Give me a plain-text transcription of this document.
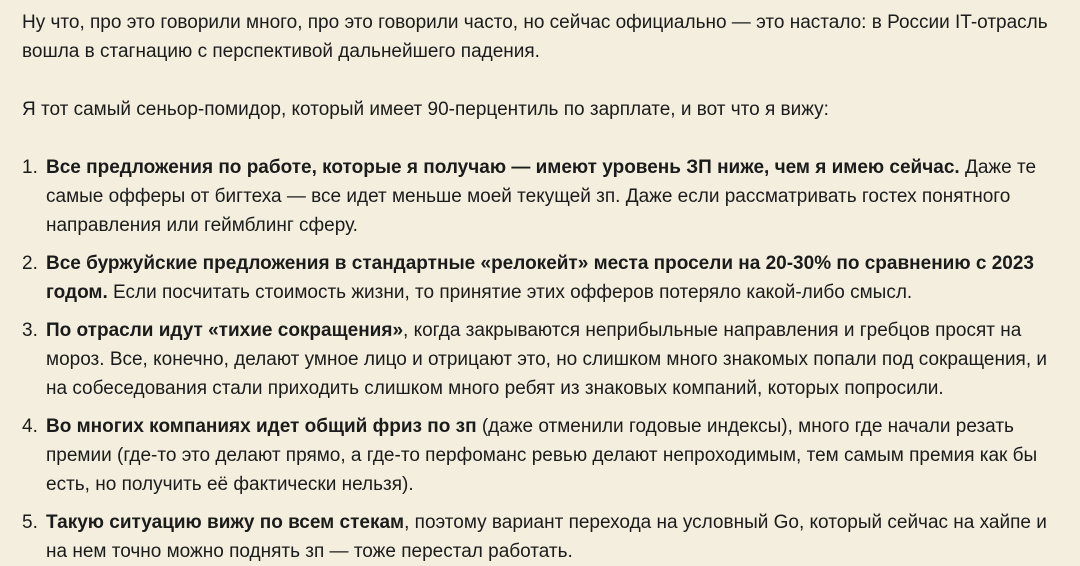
Ну что, про это говорили много, про это говорили часто, но сейчас официально — это настало: в России IT-отрасль вошла в стагнацию с перспективой дальнейшего падения.

Я тот самый сеньор-помидор, который имеет 90-перцентиль по зарплате, и вот что я вижу:

1. Все предложения по работе, которые я получаю — имеют уровень ЗП ниже, чем я имею сейчас. Даже те самые офферы от бигтеха — все идет меньше моей текущей зп. Даже если рассматривать гостех понятного направления или геймблинг сферу.
2. Все буржуйские предложения в стандартные «релокейт» места просели на 20-30% по сравнению с 2023 годом. Если посчитать стоимость жизни, то принятие этих офферов потеряло какой-либо смысл.
3. По отрасли идут «тихие сокращения», когда закрываются неприбыльные направления и гребцов просят на мороз. Все, конечно, делают умное лицо и отрицают это, но слишком много знакомых попали под сокращения, и на собеседования стали приходить слишком много ребят из знаковых компаний, которых попросили.
4. Во многих компаниях идет общий фриз по зп (даже отменили годовые индексы), много где начали резать премии (где-то это делают прямо, а где-то перфоманс ревью делают непроходимым, тем самым премия как бы есть, но получить её фактически нельзя).
5. Такую ситуацию вижу по всем стекам, поэтому вариант перехода на условный Go, который сейчас на хайпе и на нем точно можно поднять зп — тоже перестал работать.
